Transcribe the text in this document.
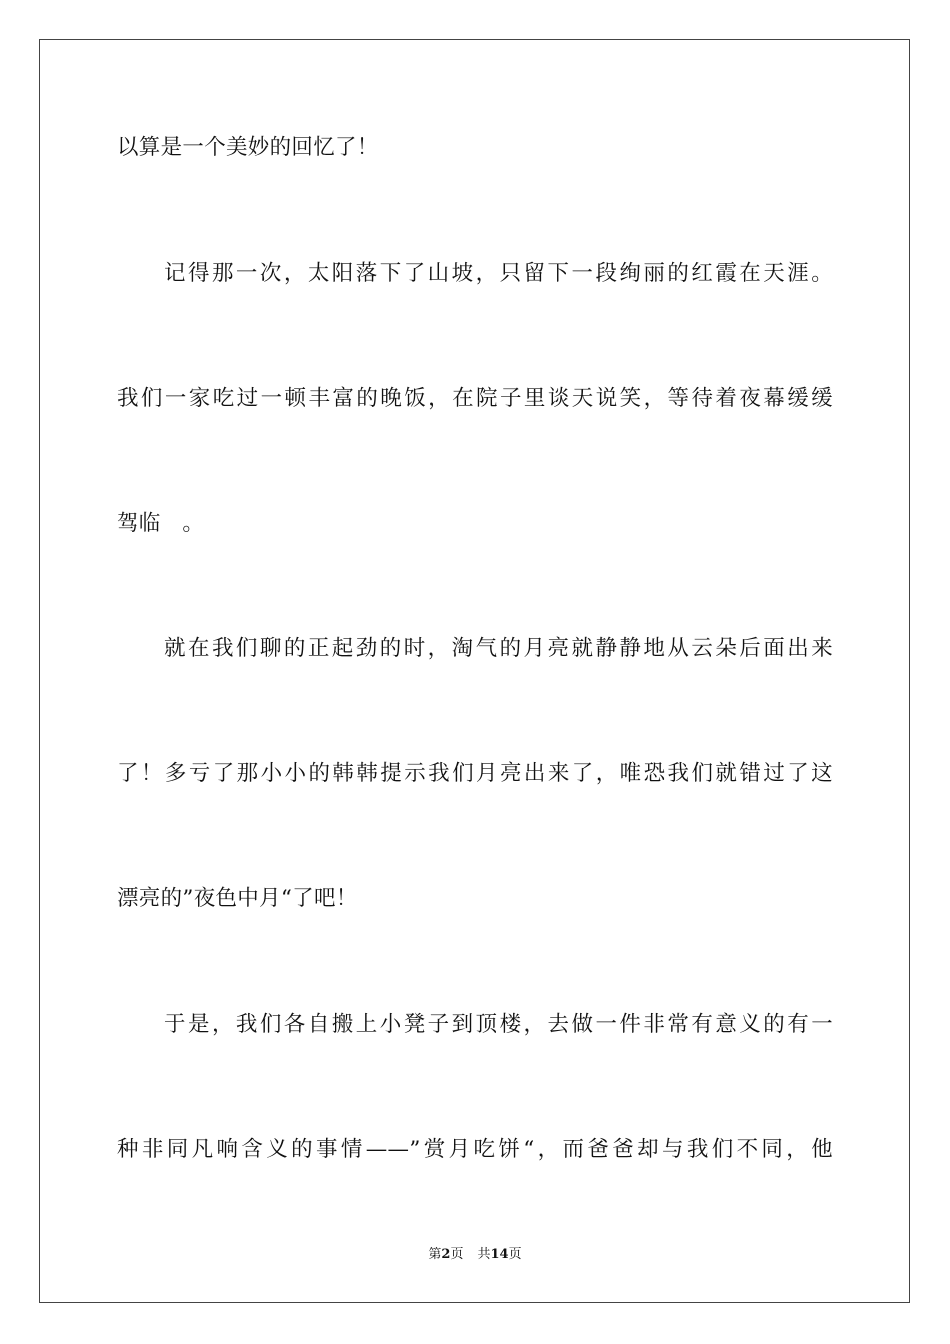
以算是一个美妙的回忆了！
记得那一次，太阳落下了山坡，只留下一段绚丽的红霞在天涯。
我们一家吃过一顿丰富的晚饭，在院子里谈天说笑，等待着夜幕缓缓
驾临　。
就在我们聊的正起劲的时，淘气的月亮就静静地从云朵后面出来
了！多亏了那小小的韩韩提示我们月亮出来了，唯恐我们就错过了这
漂亮的”夜色中月“了吧！
于是，我们各自搬上小凳子到顶楼，去做一件非常有意义的有一
种非同凡响含义的事情——”赏月吃饼“，而爸爸却与我们不同，他
第2页 共14页
